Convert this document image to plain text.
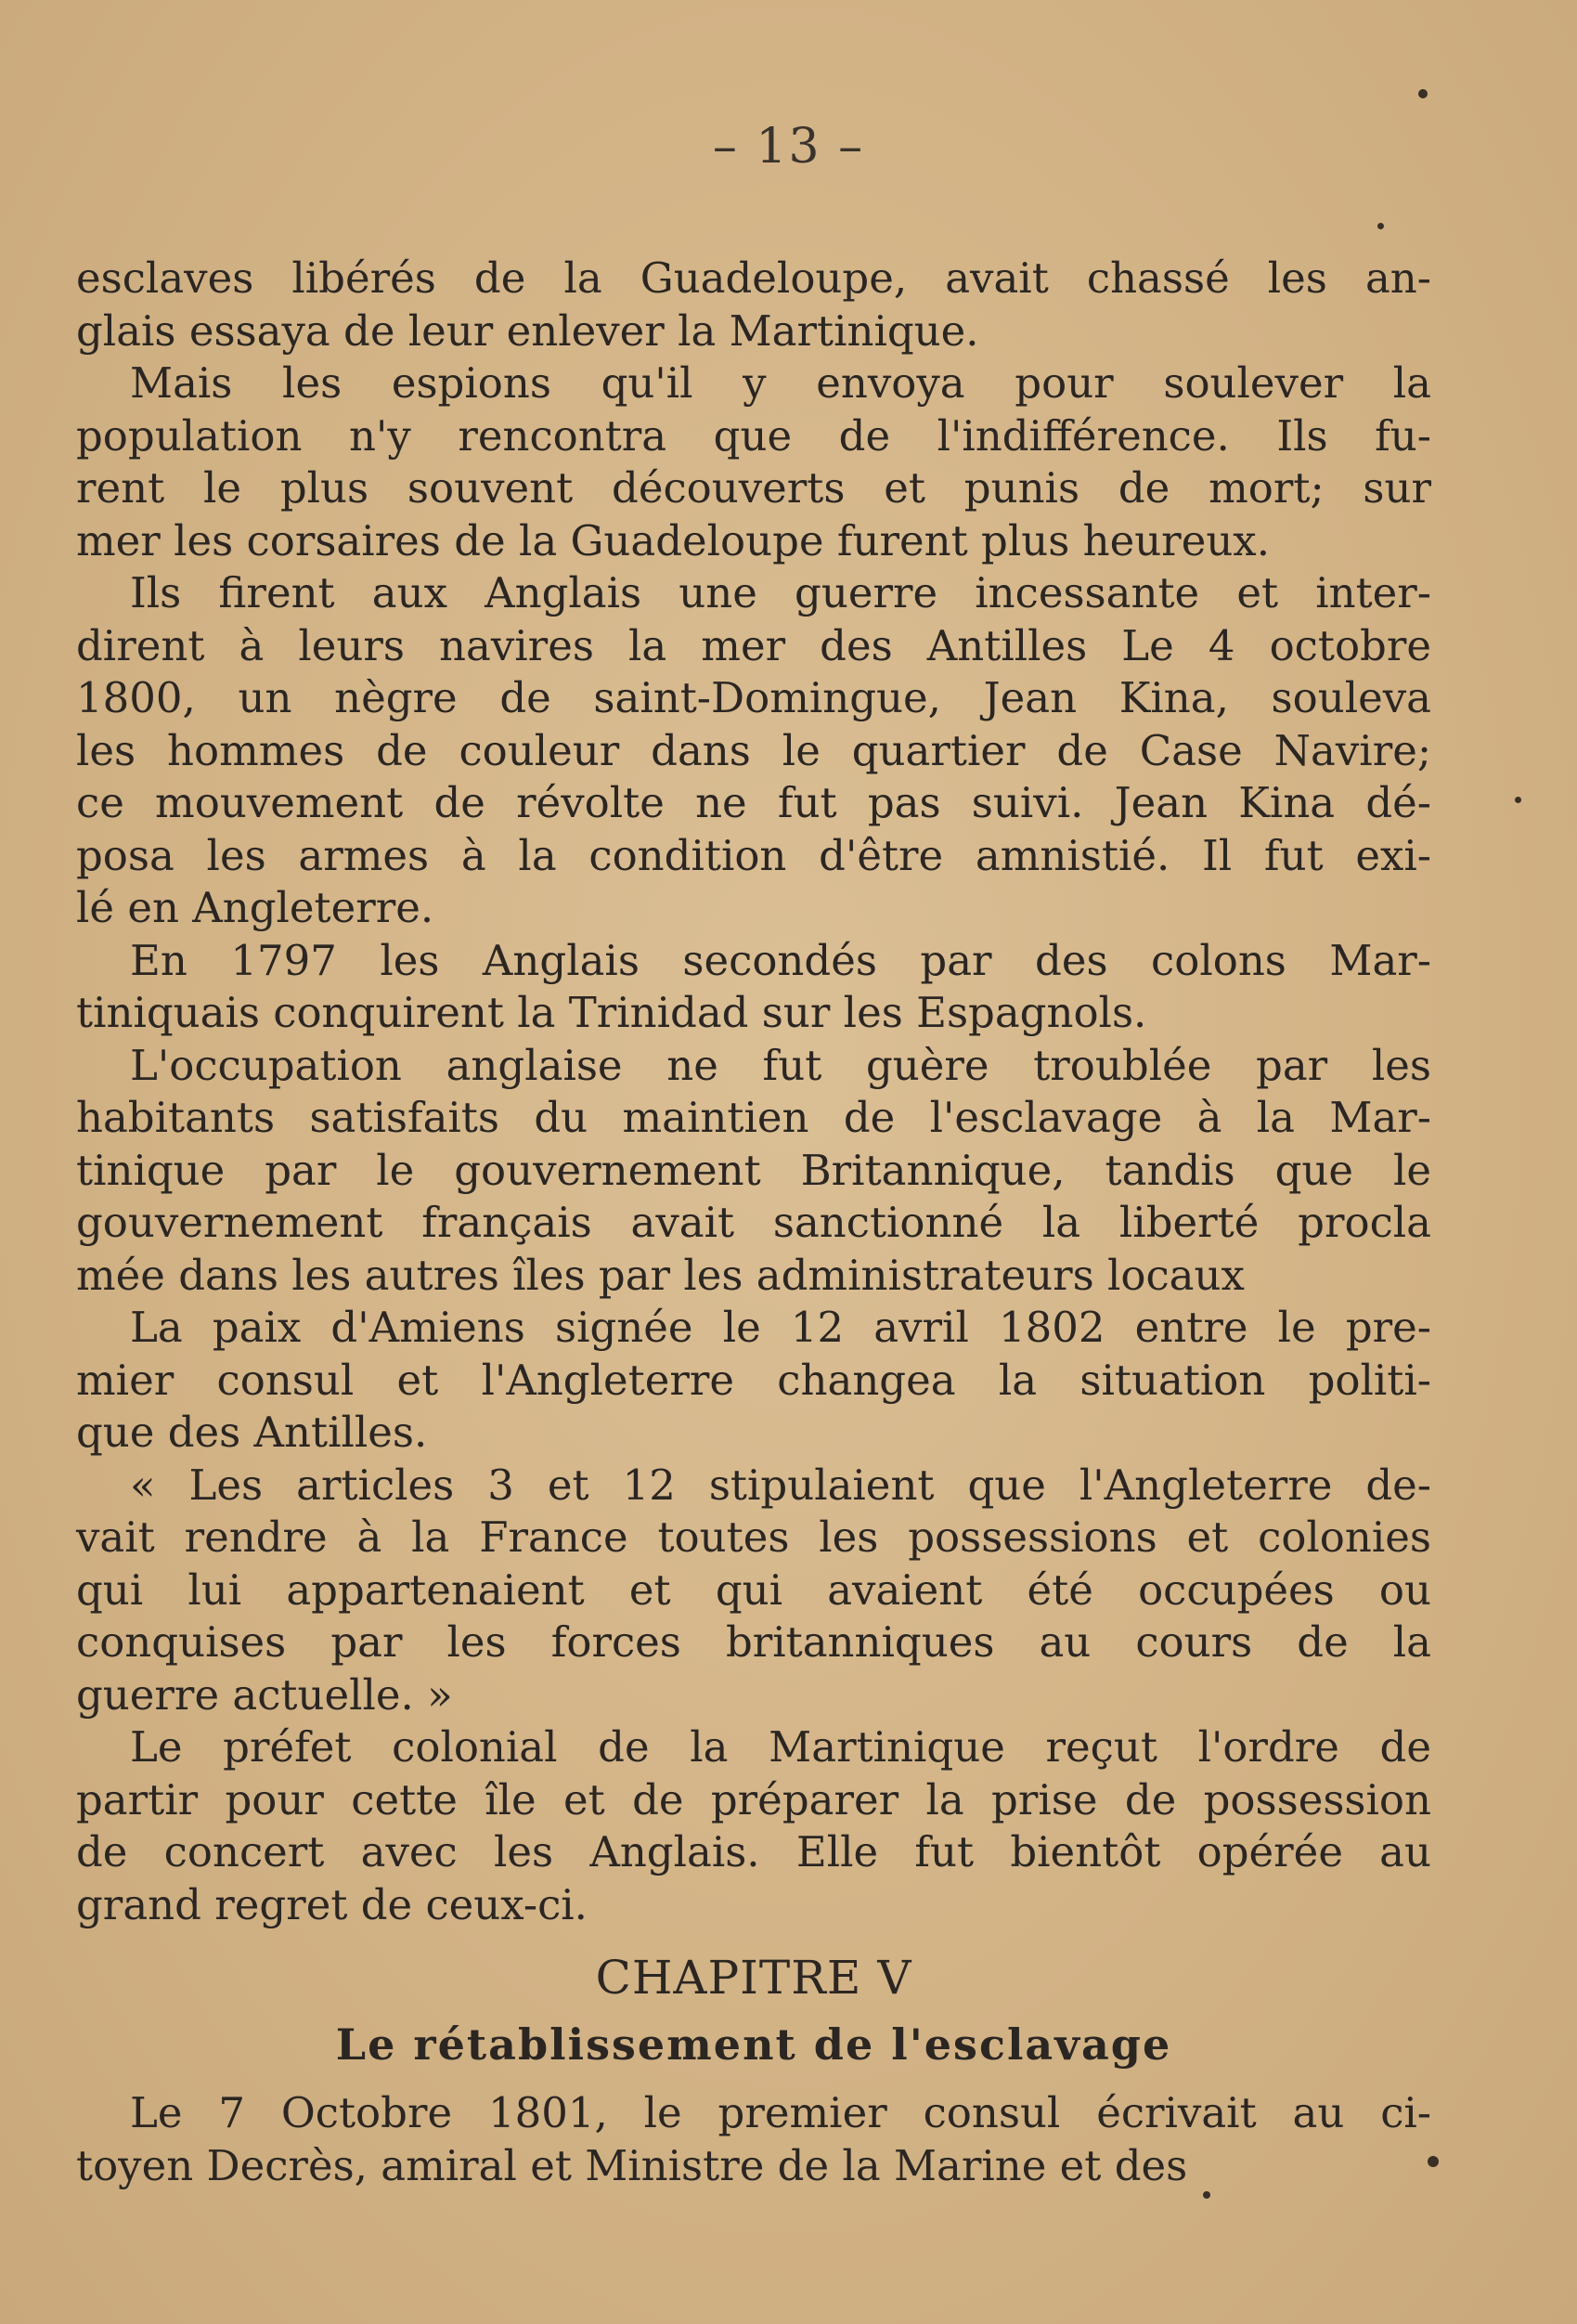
– 13 –
esclaves libérés de la Guadeloupe, avait chassé les an-
glais essaya de leur enlever la Martinique.
Mais les espions qu'il y envoya pour soulever la
population n'y rencontra que de l'indifférence. Ils fu-
rent le plus souvent découverts et punis de mort; sur
mer les corsaires de la Guadeloupe furent plus heureux.
Ils firent aux Anglais une guerre incessante et inter-
dirent à leurs navires la mer des Antilles Le 4 octobre
1800, un nègre de saint-Domingue, Jean Kina, souleva
les hommes de couleur dans le quartier de Case Navire;
ce mouvement de révolte ne fut pas suivi. Jean Kina dé-
posa les armes à la condition d'être amnistié. Il fut exi-
lé en Angleterre.
En 1797 les Anglais secondés par des colons Mar-
tiniquais conquirent la Trinidad sur les Espagnols.
L'occupation anglaise ne fut guère troublée par les
habitants satisfaits du maintien de l'esclavage à la Mar-
tinique par le gouvernement Britannique, tandis que le
gouvernement français avait sanctionné la liberté procla
mée dans les autres îles par les administrateurs locaux
La paix d'Amiens signée le 12 avril 1802 entre le pre-
mier consul et l'Angleterre changea la situation politi-
que des Antilles.
« Les articles 3 et 12 stipulaient que l'Angleterre de-
vait rendre à la France toutes les possessions et colonies
qui lui appartenaient et qui avaient été occupées ou
conquises par les forces britanniques au cours de la
guerre actuelle. »
Le préfet colonial de la Martinique reçut l'ordre de
partir pour cette île et de préparer la prise de possession
de concert avec les Anglais. Elle fut bientôt opérée au
grand regret de ceux-ci.
CHAPITRE V
Le rétablissement de l'esclavage
Le 7 Octobre 1801, le premier consul écrivait au ci-
toyen Decrès, amiral et Ministre de la Marine et des
